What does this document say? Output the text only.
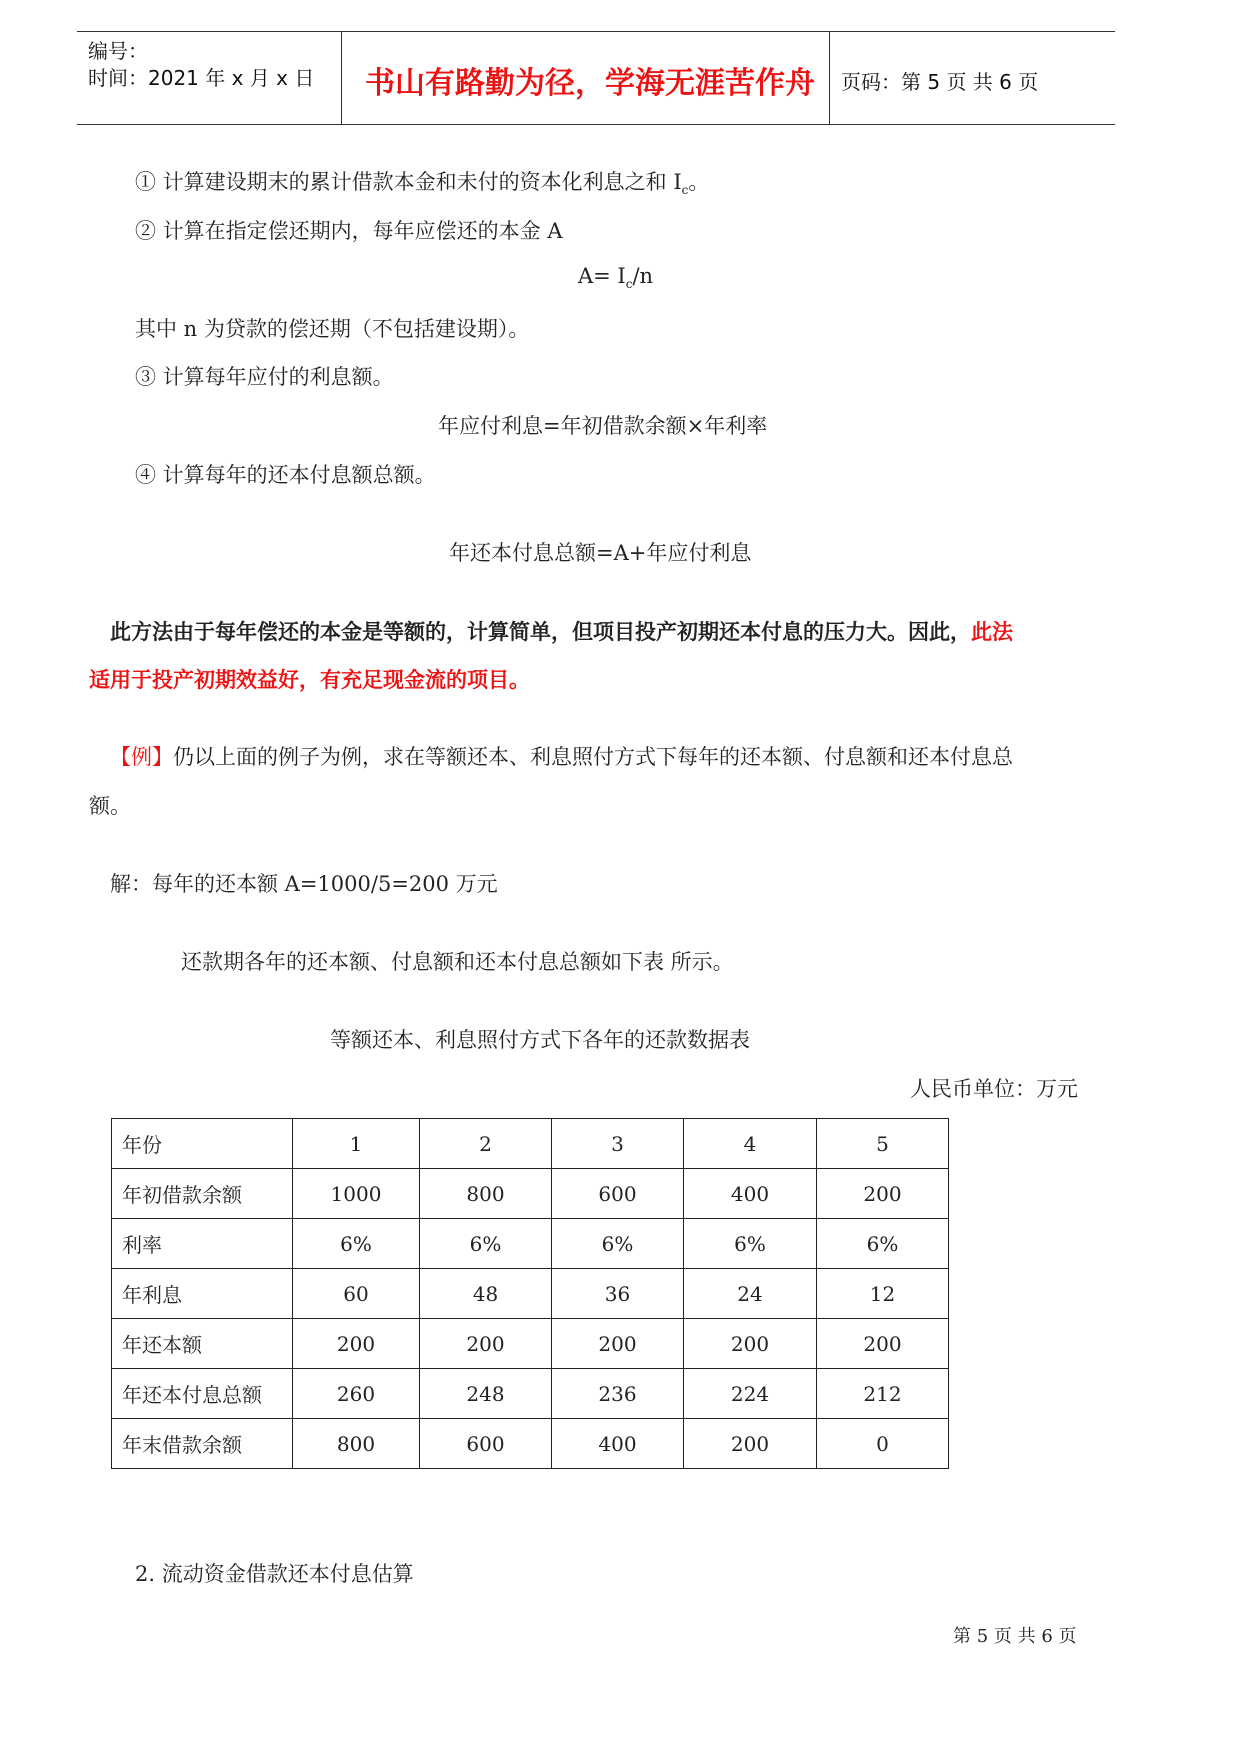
编号：
时间：2021 年 x 月 x 日 书山有路勤为径，学海无涯苦作舟 页码：第 5 页 共 6 页
① 计算建设期末的累计借款本金和未付的资本化利息之和 $I_c$。
② 计算在指定偿还期内，每年应偿还的本金 A
$A= I_c/n$
其中 n 为贷款的偿还期（不包括建设期）。
③ 计算每年应付的利息额。
年应付利息=年初借款余额×年利率
④ 计算每年的还本付息额总额。
年还本付息总额=A+年应付利息
此方法由于每年偿还的本金是等额的，计算简单，但项目投产初期还本付息的压力大。因此，此法
适用于投产初期效益好，有充足现金流的项目。
【例】仍以上面的例子为例，求在等额还本、利息照付方式下每年的还本额、付息额和还本付息总
额。
解：每年的还本额 A=1000/5=200 万元
还款期各年的还本额、付息额和还本付息总额如下表 所示。
等额还本、利息照付方式下各年的还款数据表
人民币单位：万元
年份	1	2	3	4	5
年初借款余额	1000	800	600	400	200
利率	6%	6%	6%	6%	6%
年利息	60	48	36	24	12
年还本额	200	200	200	200	200
年还本付息总额	260	248	236	224	212
年末借款余额	800	600	400	200	0
2. 流动资金借款还本付息估算
第 5 页 共 6 页
